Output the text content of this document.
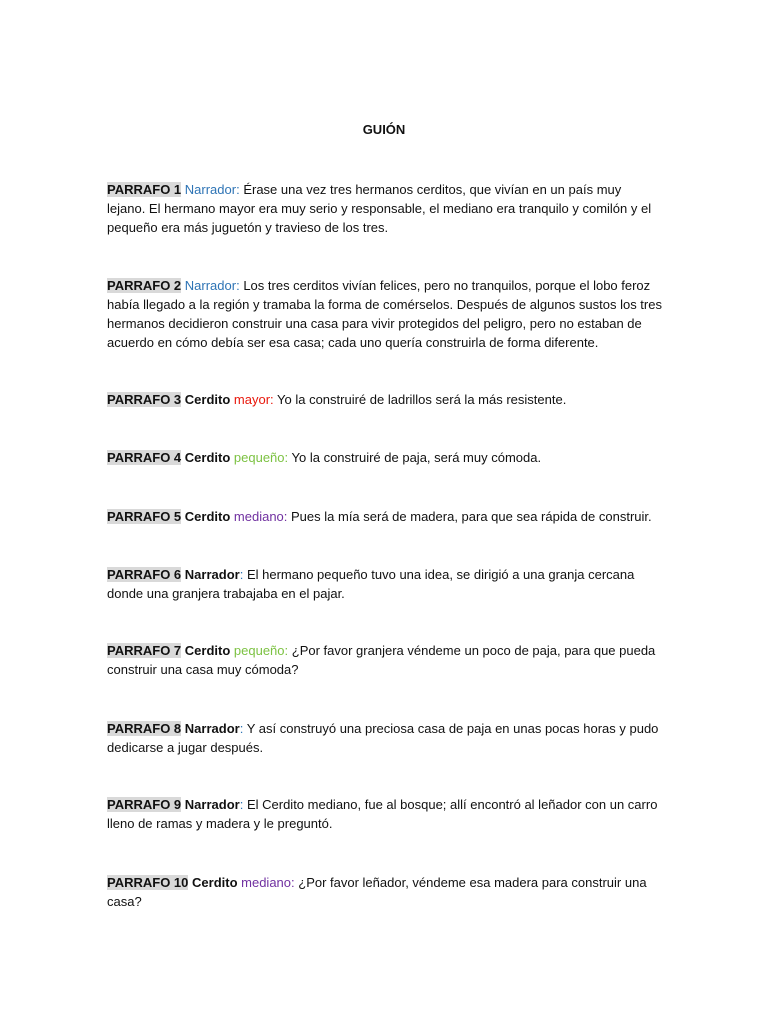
GUIÓN

PARRAFO 1 Narrador: Érase una vez tres hermanos cerditos, que vivían en un país muy lejano. El hermano mayor era muy serio y responsable, el mediano era tranquilo y comilón y el pequeño era más juguetón y travieso de los tres.

PARRAFO 2 Narrador: Los tres cerditos vivían felices, pero no tranquilos, porque el lobo feroz había llegado a la región y tramaba la forma de comérselos. Después de algunos sustos los tres hermanos decidieron construir una casa para vivir protegidos del peligro, pero no estaban de acuerdo en cómo debía ser esa casa; cada uno quería construirla de forma diferente.

PARRAFO 3 Cerdito mayor: Yo la construiré de ladrillos será la más resistente.

PARRAFO 4 Cerdito pequeño: Yo la construiré de paja, será muy cómoda.

PARRAFO 5 Cerdito mediano: Pues la mía será de madera, para que sea rápida de construir.

PARRAFO 6 Narrador: El hermano pequeño tuvo una idea, se dirigió a una granja cercana donde una granjera trabajaba en el pajar.

PARRAFO 7 Cerdito pequeño: ¿Por favor granjera véndeme un poco de paja, para que pueda construir una casa muy cómoda?

PARRAFO 8 Narrador: Y así construyó una preciosa casa de paja en unas pocas horas y pudo dedicarse a jugar después.

PARRAFO 9 Narrador: El Cerdito mediano, fue al bosque; allí encontró al leñador con un carro lleno de ramas y madera y le preguntó.

PARRAFO 10 Cerdito mediano: ¿Por favor leñador, véndeme esa madera para construir una casa?
